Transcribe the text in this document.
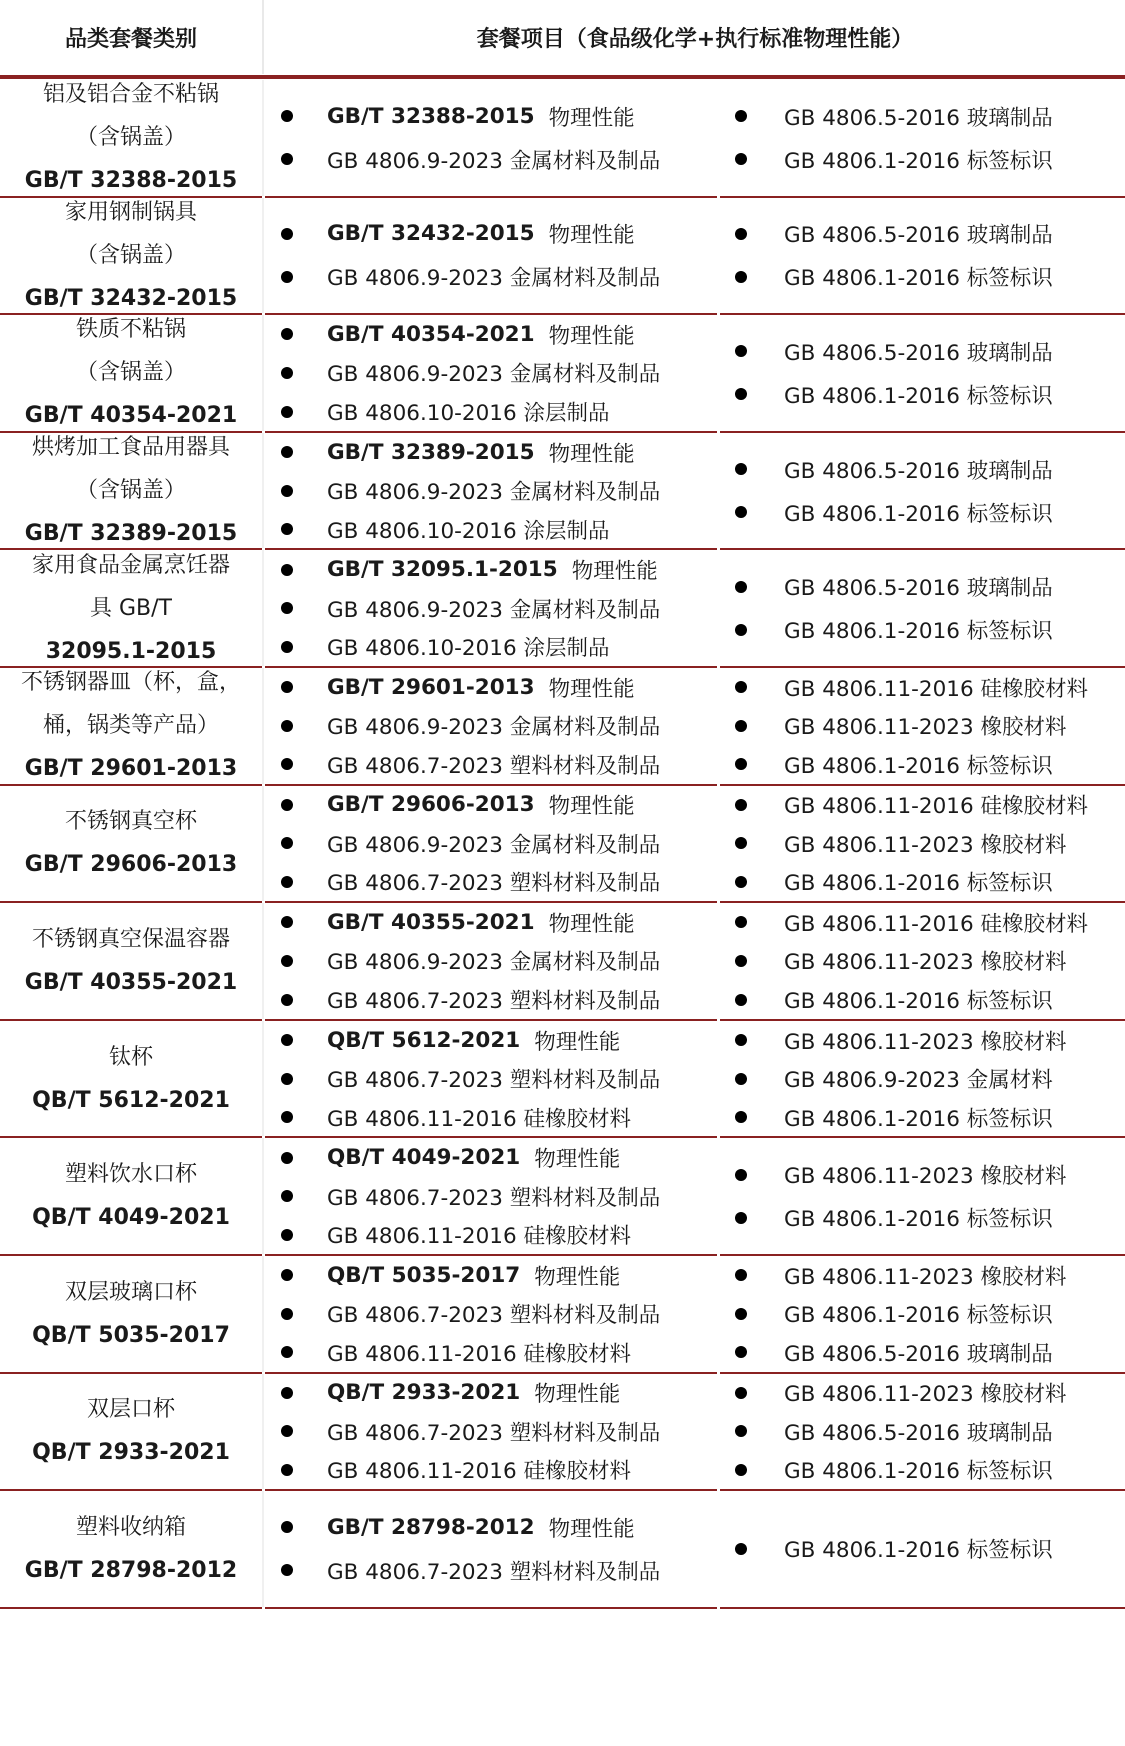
品类套餐类别	套餐项目（食品级化学+执行标准物理性能）
铝及铝合金不粘锅
（含锅盖）
GB/T 32388-2015
GB/T 32388-2015 物理性能
GB 4806.9-2023 金属材料及制品
GB 4806.5-2016 玻璃制品
GB 4806.1-2016 标签标识
家用钢制锅具
（含锅盖）
GB/T 32432-2015
GB/T 32432-2015 物理性能
GB 4806.9-2023 金属材料及制品
GB 4806.5-2016 玻璃制品
GB 4806.1-2016 标签标识
铁质不粘锅
（含锅盖）
GB/T 40354-2021
GB/T 40354-2021 物理性能
GB 4806.9-2023 金属材料及制品
GB 4806.10-2016 涂层制品
GB 4806.5-2016 玻璃制品
GB 4806.1-2016 标签标识
烘烤加工食品用器具
（含锅盖）
GB/T 32389-2015
GB/T 32389-2015 物理性能
GB 4806.9-2023 金属材料及制品
GB 4806.10-2016 涂层制品
GB 4806.5-2016 玻璃制品
GB 4806.1-2016 标签标识
家用食品金属烹饪器
具 GB/T
32095.1-2015
GB/T 32095.1-2015 物理性能
GB 4806.9-2023 金属材料及制品
GB 4806.10-2016 涂层制品
GB 4806.5-2016 玻璃制品
GB 4806.1-2016 标签标识
不锈钢器皿（杯，盒，
桶，锅类等产品）
GB/T 29601-2013
GB/T 29601-2013 物理性能
GB 4806.9-2023 金属材料及制品
GB 4806.7-2023 塑料材料及制品
GB 4806.11-2016 硅橡胶材料
GB 4806.11-2023 橡胶材料
GB 4806.1-2016 标签标识
不锈钢真空杯
GB/T 29606-2013
GB/T 29606-2013 物理性能
GB 4806.9-2023 金属材料及制品
GB 4806.7-2023 塑料材料及制品
GB 4806.11-2016 硅橡胶材料
GB 4806.11-2023 橡胶材料
GB 4806.1-2016 标签标识
不锈钢真空保温容器
GB/T 40355-2021
GB/T 40355-2021 物理性能
GB 4806.9-2023 金属材料及制品
GB 4806.7-2023 塑料材料及制品
GB 4806.11-2016 硅橡胶材料
GB 4806.11-2023 橡胶材料
GB 4806.1-2016 标签标识
钛杯
QB/T 5612-2021
QB/T 5612-2021 物理性能
GB 4806.7-2023 塑料材料及制品
GB 4806.11-2016 硅橡胶材料
GB 4806.11-2023 橡胶材料
GB 4806.9-2023 金属材料
GB 4806.1-2016 标签标识
塑料饮水口杯
QB/T 4049-2021
QB/T 4049-2021 物理性能
GB 4806.7-2023 塑料材料及制品
GB 4806.11-2016 硅橡胶材料
GB 4806.11-2023 橡胶材料
GB 4806.1-2016 标签标识
双层玻璃口杯
QB/T 5035-2017
QB/T 5035-2017 物理性能
GB 4806.7-2023 塑料材料及制品
GB 4806.11-2016 硅橡胶材料
GB 4806.11-2023 橡胶材料
GB 4806.1-2016 标签标识
GB 4806.5-2016 玻璃制品
双层口杯
QB/T 2933-2021
QB/T 2933-2021 物理性能
GB 4806.7-2023 塑料材料及制品
GB 4806.11-2016 硅橡胶材料
GB 4806.11-2023 橡胶材料
GB 4806.5-2016 玻璃制品
GB 4806.1-2016 标签标识
塑料收纳箱
GB/T 28798-2012
GB/T 28798-2012 物理性能
GB 4806.7-2023 塑料材料及制品
GB 4806.1-2016 标签标识
